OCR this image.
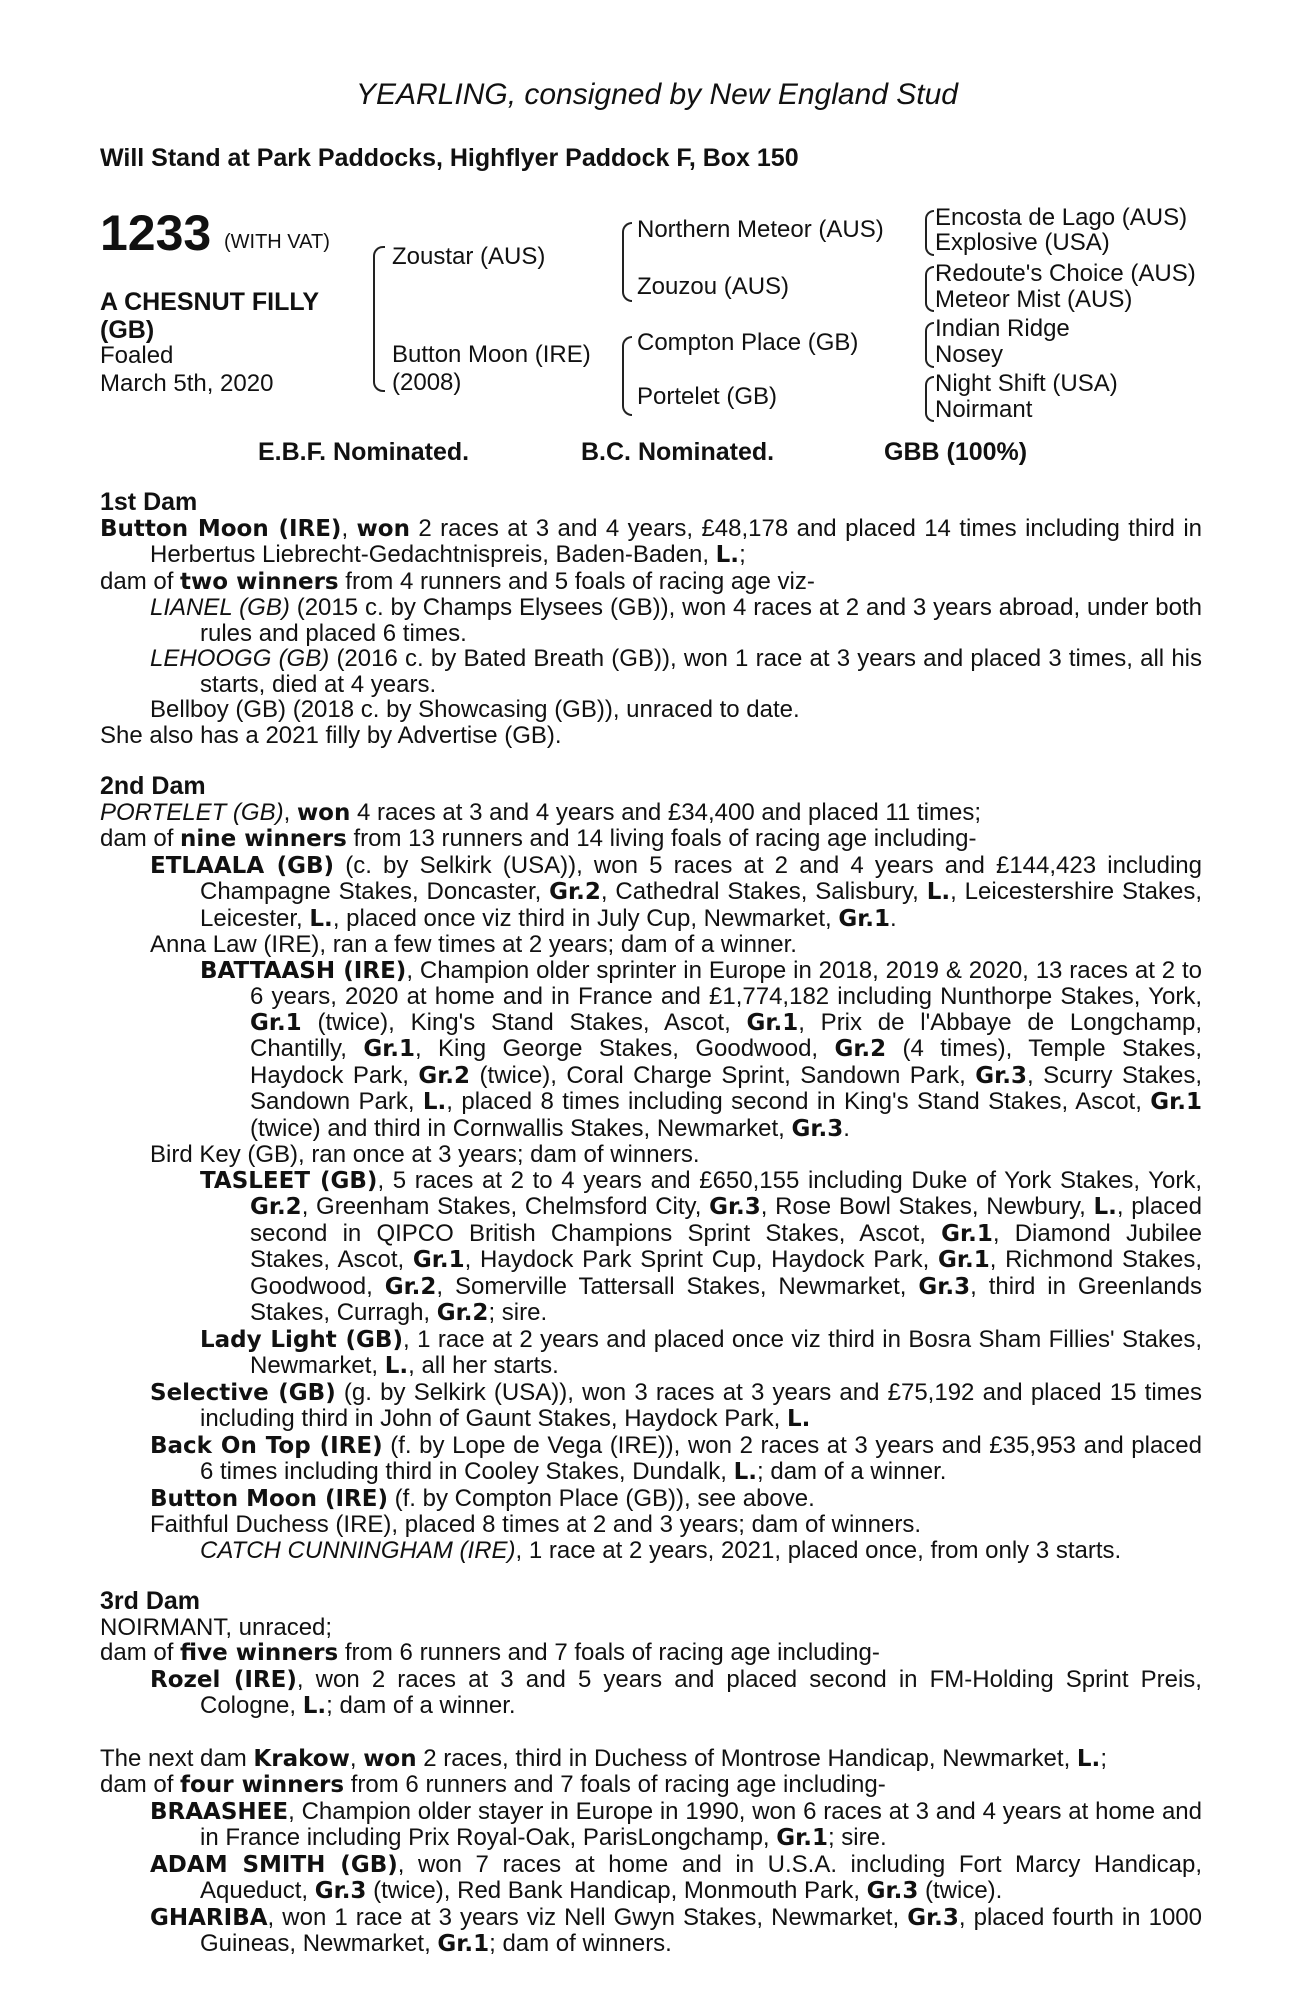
YEARLING, consigned by New England Stud
Will Stand at Park Paddocks, Highflyer Paddock F, Box 150
1233 (WITH VAT)
A CHESNUT FILLY
(GB)
Foaled
March 5th, 2020
Zoustar (AUS)
Button Moon (IRE)
(2008)
Northern Meteor (AUS)
Zouzou (AUS)
Compton Place (GB)
Portelet (GB)
Encosta de Lago (AUS)
Explosive (USA)
Redoute's Choice (AUS)
Meteor Mist (AUS)
Indian Ridge
Nosey
Night Shift (USA)
Noirmant
E.B.F. Nominated.	B.C. Nominated.	GBB (100%)
1st Dam

Button Moon (IRE), won 2 races at 3 and 4 years, £48,178 and placed 14 times including third in Herbertus Liebrecht-Gedachtnispreis, Baden-Baden, L.;

dam of two winners from 4 runners and 5 foals of racing age viz-

LIANEL (GB) (2015 c. by Champs Elysees (GB)), won 4 races at 2 and 3 years abroad, under both rules and placed 6 times.

LEHOOGG (GB) (2016 c. by Bated Breath (GB)), won 1 race at 3 years and placed 3 times, all his starts, died at 4 years.

Bellboy (GB) (2018 c. by Showcasing (GB)), unraced to date.

She also has a 2021 filly by Advertise (GB).

2nd Dam

PORTELET (GB), won 4 races at 3 and 4 years and £34,400 and placed 11 times;

dam of nine winners from 13 runners and 14 living foals of racing age including-

ETLAALA (GB) (c. by Selkirk (USA)), won 5 races at 2 and 4 years and £144,423 including Champagne Stakes, Doncaster, Gr.2, Cathedral Stakes, Salisbury, L., Leicestershire Stakes, Leicester, L., placed once viz third in July Cup, Newmarket, Gr.1.

Anna Law (IRE), ran a few times at 2 years; dam of a winner.

BATTAASH (IRE), Champion older sprinter in Europe in 2018, 2019 & 2020, 13 races at 2 to 6 years, 2020 at home and in France and £1,774,182 including Nunthorpe Stakes, York, Gr.1 (twice), King's Stand Stakes, Ascot, Gr.1, Prix de l'Abbaye de Longchamp, Chantilly, Gr.1, King George Stakes, Goodwood, Gr.2 (4 times), Temple Stakes, Haydock Park, Gr.2 (twice), Coral Charge Sprint, Sandown Park, Gr.3, Scurry Stakes, Sandown Park, L., placed 8 times including second in King's Stand Stakes, Ascot, Gr.1 (twice) and third in Cornwallis Stakes, Newmarket, Gr.3.

Bird Key (GB), ran once at 3 years; dam of winners.

TASLEET (GB), 5 races at 2 to 4 years and £650,155 including Duke of York Stakes, York, Gr.2, Greenham Stakes, Chelmsford City, Gr.3, Rose Bowl Stakes, Newbury, L., placed second in QIPCO British Champions Sprint Stakes, Ascot, Gr.1, Diamond Jubilee Stakes, Ascot, Gr.1, Haydock Park Sprint Cup, Haydock Park, Gr.1, Richmond Stakes, Goodwood, Gr.2, Somerville Tattersall Stakes, Newmarket, Gr.3, third in Greenlands Stakes, Curragh, Gr.2; sire.

Lady Light (GB), 1 race at 2 years and placed once viz third in Bosra Sham Fillies' Stakes, Newmarket, L., all her starts.

Selective (GB) (g. by Selkirk (USA)), won 3 races at 3 years and £75,192 and placed 15 times including third in John of Gaunt Stakes, Haydock Park, L.

Back On Top (IRE) (f. by Lope de Vega (IRE)), won 2 races at 3 years and £35,953 and placed 6 times including third in Cooley Stakes, Dundalk, L.; dam of a winner.

Button Moon (IRE) (f. by Compton Place (GB)), see above.

Faithful Duchess (IRE), placed 8 times at 2 and 3 years; dam of winners.

CATCH CUNNINGHAM (IRE), 1 race at 2 years, 2021, placed once, from only 3 starts.

3rd Dam

NOIRMANT, unraced;

dam of five winners from 6 runners and 7 foals of racing age including-

Rozel (IRE), won 2 races at 3 and 5 years and placed second in FM-Holding Sprint Preis, Cologne, L.; dam of a winner.

The next dam Krakow, won 2 races, third in Duchess of Montrose Handicap, Newmarket, L.;

dam of four winners from 6 runners and 7 foals of racing age including-

BRAASHEE, Champion older stayer in Europe in 1990, won 6 races at 3 and 4 years at home and in France including Prix Royal-Oak, ParisLongchamp, Gr.1; sire.

ADAM SMITH (GB), won 7 races at home and in U.S.A. including Fort Marcy Handicap, Aqueduct, Gr.3 (twice), Red Bank Handicap, Monmouth Park, Gr.3 (twice).

GHARIBA, won 1 race at 3 years viz Nell Gwyn Stakes, Newmarket, Gr.3, placed fourth in 1000 Guineas, Newmarket, Gr.1; dam of winners.
